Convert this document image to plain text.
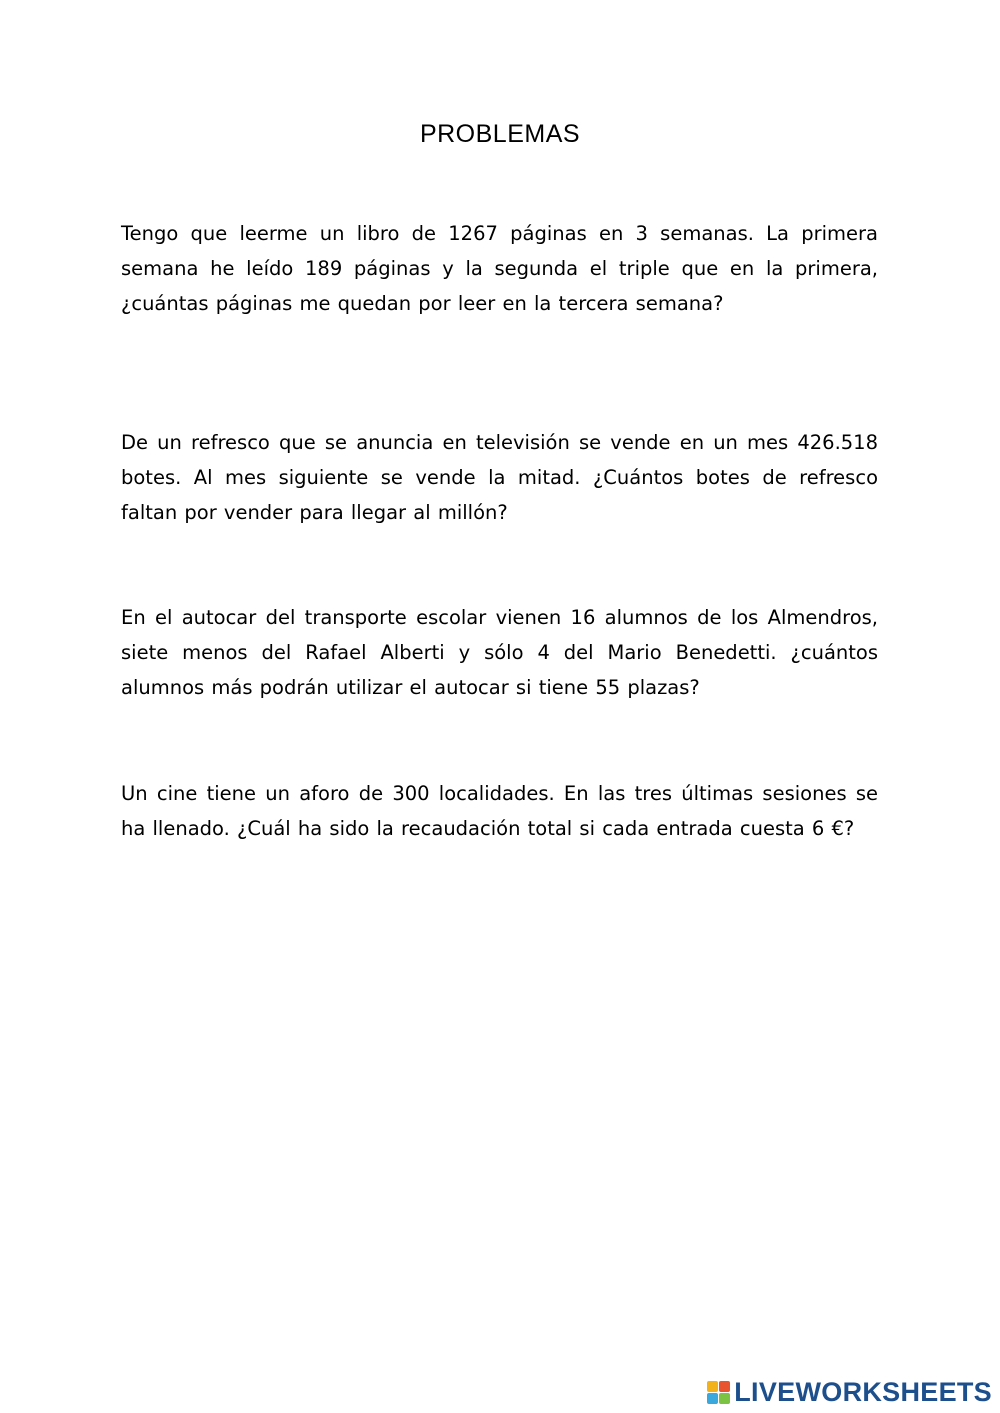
PROBLEMAS

Tengo que leerme un libro de 1267 páginas en 3 semanas. La primera semana he leído 189 páginas y la segunda el triple que en la primera, ¿cuántas páginas me quedan por leer en la tercera semana?

De un refresco que se anuncia en televisión se vende en un mes 426.518 botes. Al mes siguiente se vende la mitad. ¿Cuántos botes de refresco faltan por vender para llegar al millón?

En el autocar del transporte escolar vienen 16 alumnos de los Almendros, siete menos del Rafael Alberti y sólo 4 del Mario Benedetti. ¿cuántos alumnos más podrán utilizar el autocar si tiene 55 plazas?

Un cine tiene un aforo de 300 localidades. En las tres últimas sesiones se ha llenado. ¿Cuál ha sido la recaudación total si cada entrada cuesta 6 €?

LIVEWORKSHEETS
